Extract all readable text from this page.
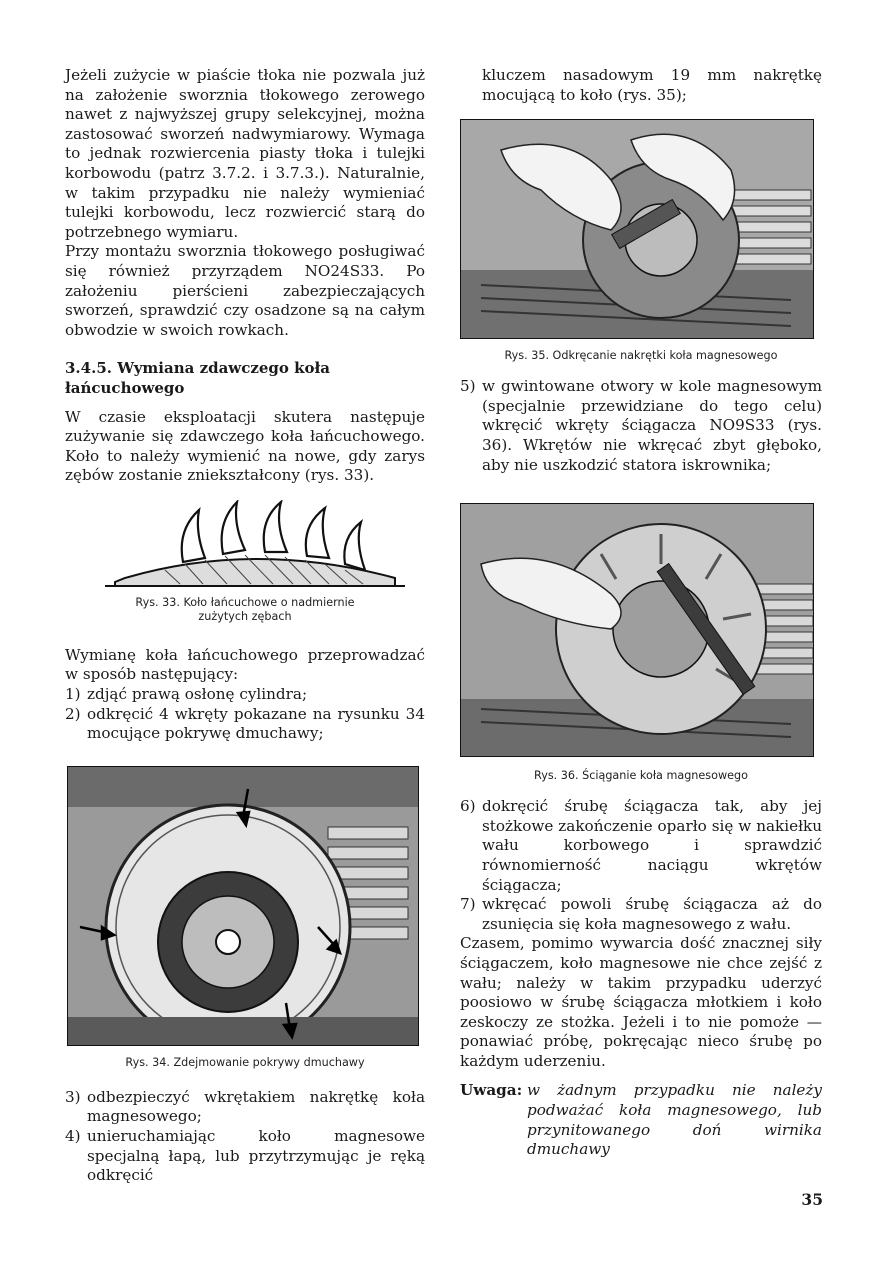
Jeżeli zużycie w piaście tłoka nie pozwala już na założenie sworznia tłokowego zerowego nawet z najwyższej grupy selekcyjnej, można zastosować sworzeń nadwymiarowy. Wymaga to jednak rozwiercenia piasty tłoka i tulejki korbowodu (patrz 3.7.2. i 3.7.3.). Naturalnie, w takim przypadku nie należy wymieniać tulejki korbowodu, lecz rozwiercić starą do potrzebnego wymiaru.

Przy montażu sworznia tłokowego posługiwać się również przyrządem NO24S33. Po założeniu pierścieni zabezpieczających sworzeń, sprawdzić czy osadzone są na całym obwodzie w swoich rowkach.

3.4.5. Wymiana zdawczego koła łańcuchowego

W czasie eksploatacji skutera następuje zużywanie się zdawczego koła łańcuchowego. Koło to należy wymienić na nowe, gdy zarys zębów zostanie zniekształcony (rys. 33).

Rys. 33. Koło łańcuchowe o nadmiernie zużytych zębach

Wymianę koła łańcuchowego przeprowadzać w sposób następujący:

1) zdjąć prawą osłonę cylindra;
2) odkręcić 4 wkręty pokazane na rysunku 34 mocujące pokrywę dmuchawy;

Rys. 34. Zdejmowanie pokrywy dmuchawy

3) odbezpieczyć wkrętakiem nakrętkę koła magnesowego;
4) unieruchamiając koło magnesowe specjalną łapą, lub przytrzymując je ręką odkręcić

kluczem nasadowym 19 mm nakrętkę mocującą to koło (rys. 35);

Rys. 35. Odkręcanie nakrętki koła magnesowego

5) w gwintowane otwory w kole magnesowym (specjalnie przewidziane do tego celu) wkręcić wkręty ściągacza NO9S33 (rys. 36). Wkrętów nie wkręcać zbyt głęboko, aby nie uszkodzić statora iskrownika;

Rys. 36. Ściąganie koła magnesowego

6) dokręcić śrubę ściągacza tak, aby jej stożkowe zakończenie oparło się w nakiełku wału korbowego i sprawdzić równomierność naciągu wkrętów ściągacza;
7) wkręcać powoli śrubę ściągacza aż do zsunięcia się koła magnesowego z wału.

Czasem, pomimo wywarcia dość znacznej siły ściągaczem, koło magnesowe nie chce zejść z wału; należy w takim przypadku uderzyć poosiowo w śrubę ściągacza młotkiem i koło zeskoczy ze stożka. Jeżeli i to nie pomoże — ponawiać próbę, pokręcając nieco śrubę po każdym uderzeniu.

Uwaga: w żadnym przypadku nie należy podważać koła magnesowego, lub przynitowanego doń wirnika dmuchawy
35
